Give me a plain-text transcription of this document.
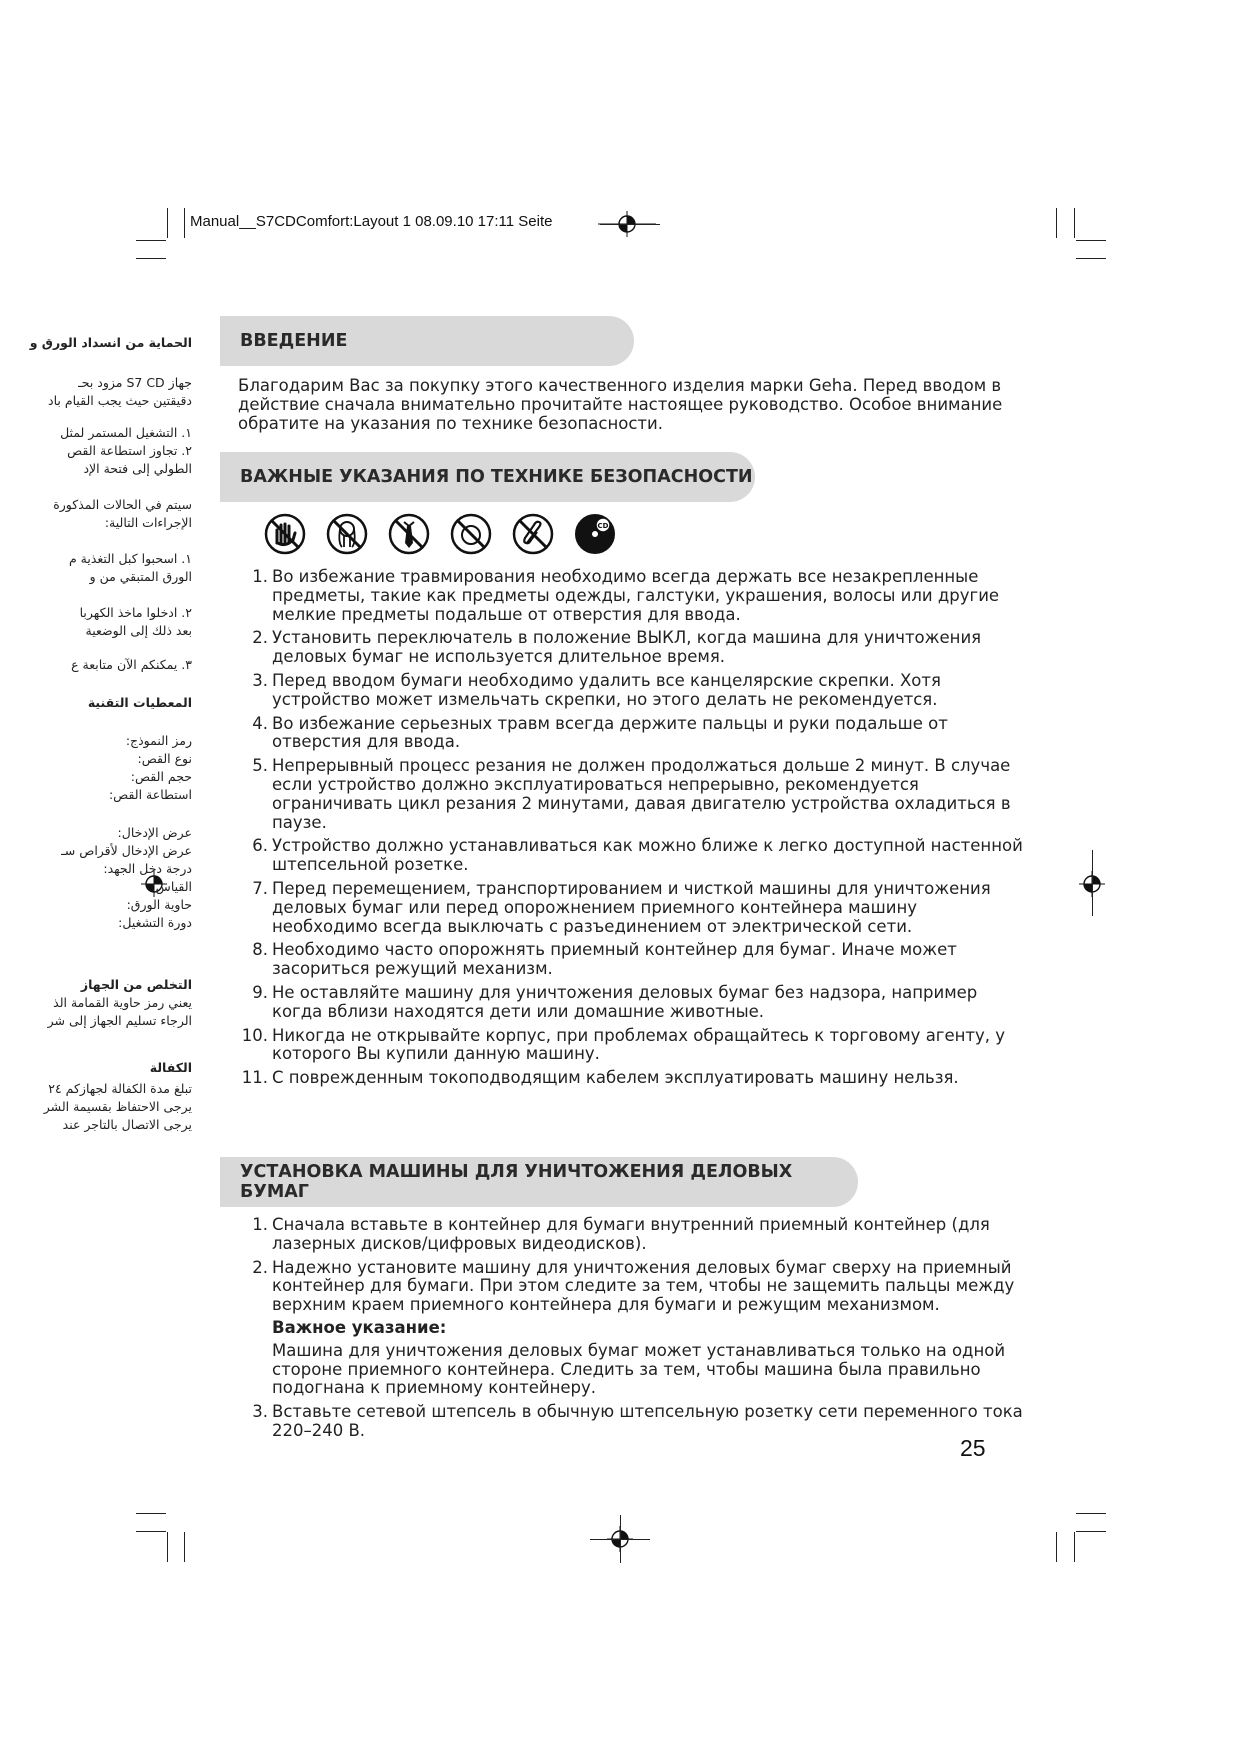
Manual__S7CDComfort:Layout 1 08.09.10 17:11 Seite
الحماية من انسداد الورق و
جهاز S7 CD مزود بحـ
دقيقتين حيث يجب القيام باد
١. التشغيل المستمر لمثل
٢. تجاوز استطاعة القص
الطولي إلى فتحة الإد
سيتم في الحالات المذكورة
الإجراءات التالية:
١. اسحبوا كبل التغذية م
الورق المتبقي من و
٢. ادخلوا ماخذ الكهربا
بعد ذلك إلى الوضعية
٣. يمكنكم الآن متابعة ع
المعطيات التقنية
رمز النموذج:
نوع القص:
حجم القص:
استطاعة القص:
عرض الإدخال:
عرض الإدخال لأقراص سـ
درجة دخل الجهد:
القياس:
حاوية الورق:
دورة التشغيل:
التخلص من الجهاز
يعني رمز حاوية القمامة الذ
الرجاء تسليم الجهاز إلى شر
الكفالة
تبلغ مدة الكفالة لجهازكم ٢٤
يرجى الاحتفاظ بقسيمة الشر
يرجى الاتصال بالتاجر عند
ВВЕДЕНИЕ
Благодарим Вас за покупку этого качественного изделия марки Geha. Перед вводом в действие сначала внимательно прочитайте настоящее руководство. Особое внимание обратите на указания по технике безопасности.
ВАЖНЫЕ УКАЗАНИЯ ПО ТЕХНИКЕ БЕЗОПАСНОСТИ
CD
1. Во избежание травмирования необходимо всегда держать все незакрепленные предметы, такие как предметы одежды, галстуки, украшения, волосы или другие мелкие предметы подальше от отверстия для ввода.
2. Установить переключатель в положение ВЫКЛ, когда машина для уничтожения деловых бумаг не используется длительное время.
3. Перед вводом бумаги необходимо удалить все канцелярские скрепки. Хотя устройство может измельчать скрепки, но этого делать не рекомендуется.
4. Во избежание серьезных травм всегда держите пальцы и руки подальше от отверстия для ввода.
5. Непрерывный процесс резания не должен продолжаться дольше 2 минут. В случае если устройство должно эксплуатироваться непрерывно, рекомендуется ограничивать цикл резания 2 минутами, давая двигателю устройства охладиться в паузе.
6. Устройство должно устанавливаться как можно ближе к легко доступной настенной штепсельной розетке.
7. Перед перемещением, транспортированием и чисткой машины для уничтожения деловых бумаг или перед опорожнением приемного контейнера машину необходимо всегда выключать с разъединением от электрической сети.
8. Необходимо часто опорожнять приемный контейнер для бумаг. Иначе может засориться режущий механизм.
9. Не оставляйте машину для уничтожения деловых бумаг без надзора, например когда вблизи находятся дети или домашние животные.
10. Никогда не открывайте корпус, при проблемах обращайтесь к торговому агенту, у которого Вы купили данную машину.
11. С поврежденным токоподводящим кабелем эксплуатировать машину нельзя.
УСТАНОВКА МАШИНЫ ДЛЯ УНИЧТОЖЕНИЯ ДЕЛОВЫХ БУМАГ
1. Сначала вставьте в контейнер для бумаги внутренний приемный контейнер (для лазерных дисков/цифровых видеодисков).
2. Надежно установите машину для уничтожения деловых бумаг сверху на приемный контейнер для бумаги. При этом следите за тем, чтобы не защемить пальцы между верхним краем приемного контейнера для бумаги и режущим механизмом.
Важное указание:
Машина для уничтожения деловых бумаг может устанавливаться только на одной стороне приемного контейнера. Следить за тем, чтобы машина была правильно подогнана к приемному контейнеру.
3. Вставьте сетевой штепсель в обычную штепсельную розетку сети переменного тока 220–240 В.
25
